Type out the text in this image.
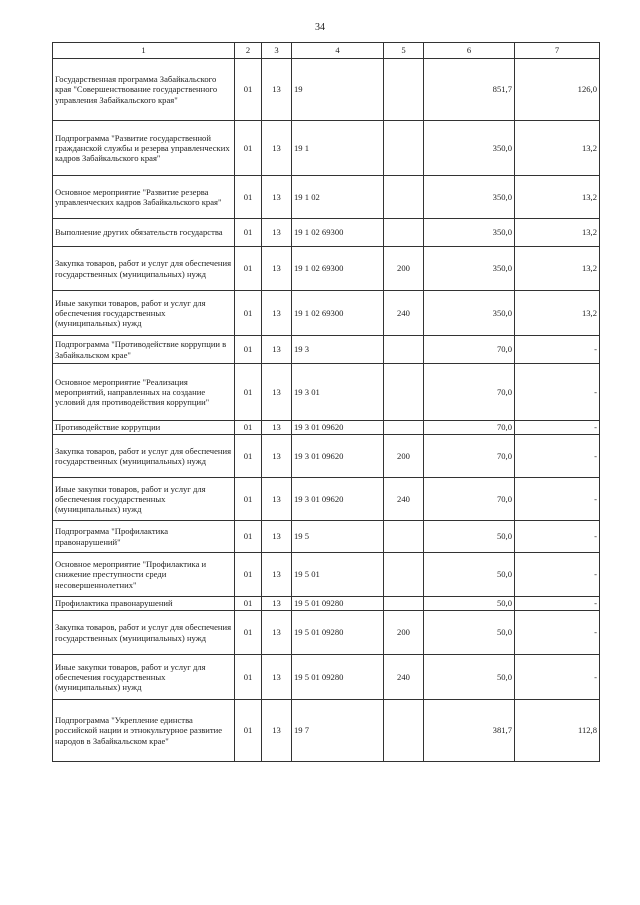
34
1	2	3	4	5	6	7
Государственная программа Забайкальского края "Совершенствование государственного управления Забайкальского края"	01	13	19		851,7	126,0
Подпрограмма "Развитие государственной гражданской службы и резерва управленческих кадров Забайкальского края"	01	13	19 1		350,0	13,2
Основное мероприятие "Развитие резерва управленческих кадров Забайкальского края"	01	13	19 1 02		350,0	13,2
Выполнение других обязательств государства	01	13	19 1 02 69300		350,0	13,2
Закупка товаров, работ и услуг для обеспечения государственных (муниципальных) нужд	01	13	19 1 02 69300	200	350,0	13,2
Иные закупки товаров, работ и услуг для обеспечения государственных (муниципальных) нужд	01	13	19 1 02 69300	240	350,0	13,2
Подпрограмма "Противодействие коррупции в Забайкальском крае"	01	13	19 3		70,0	-
Основное мероприятие "Реализация мероприятий, направленных на создание условий для противодействия коррупции"	01	13	19 3 01		70,0	-
Противодействие коррупции	01	13	19 3 01 09620		70,0	-
Закупка товаров, работ и услуг для обеспечения государственных (муниципальных) нужд	01	13	19 3 01 09620	200	70,0	-
Иные закупки товаров, работ и услуг для обеспечения государственных (муниципальных) нужд	01	13	19 3 01 09620	240	70,0	-
Подпрограмма "Профилактика правонарушений"	01	13	19 5		50,0	-
Основное мероприятие "Профилактика и снижение преступности среди несовершеннолетних"	01	13	19 5 01		50,0	-
Профилактика правонарушений	01	13	19 5 01 09280		50,0	-
Закупка товаров, работ и услуг для обеспечения государственных (муниципальных) нужд	01	13	19 5 01 09280	200	50,0	-
Иные закупки товаров, работ и услуг для обеспечения государственных (муниципальных) нужд	01	13	19 5 01 09280	240	50,0	-
Подпрограмма "Укрепление единства российской нации и этнокультурное развитие народов в Забайкальском крае"	01	13	19 7		381,7	112,8
